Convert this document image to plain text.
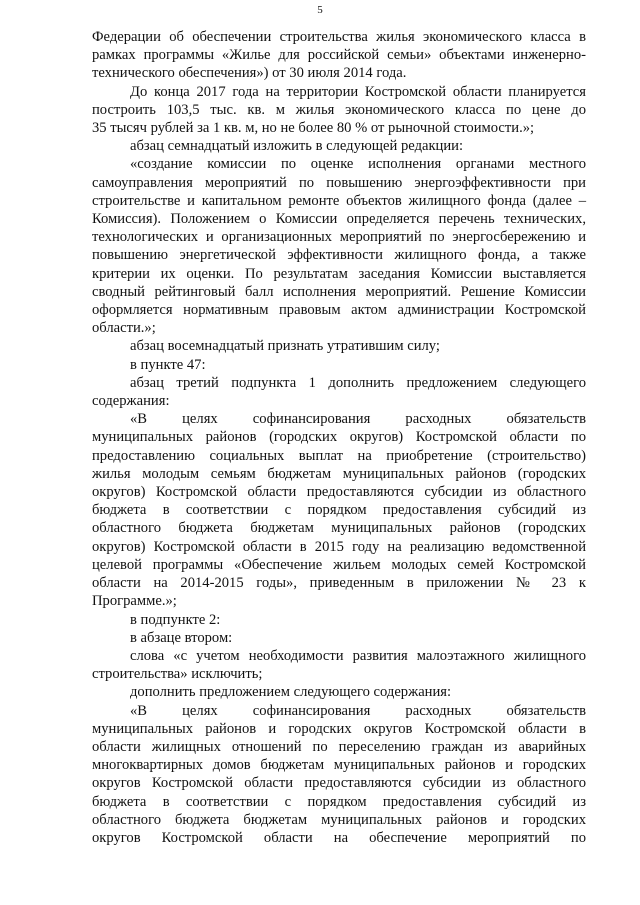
5
Федерации об обеспечении строительства жилья экономического класса в
рамках программы «Жилье для российской семьи» объектами инженерно-
технического обеспечения») от 30 июля 2014 года.
До конца 2017 года на территории Костромской области планируется
построить 103,5 тыс. кв. м жилья экономического класса по цене до
35 тысяч рублей за 1 кв. м, но не более 80 % от рыночной стоимости.»;
абзац семнадцатый изложить в следующей редакции:
«создание комиссии по оценке исполнения органами местного
самоуправления мероприятий по повышению энергоэффективности при
строительстве и капитальном ремонте объектов жилищного фонда (далее –
Комиссия). Положением о Комиссии определяется перечень технических,
технологических и организационных мероприятий по энергосбережению и
повышению энергетической эффективности жилищного фонда, а также
критерии их оценки. По результатам заседания Комиссии выставляется
сводный рейтинговый балл исполнения мероприятий. Решение Комиссии
оформляется нормативным правовым актом администрации Костромской
области.»;
абзац восемнадцатый признать утратившим силу;
в пункте 47:
абзац третий подпункта 1 дополнить предложением следующего
содержания:
«В целях софинансирования расходных обязательств
муниципальных районов (городских округов) Костромской области по
предоставлению социальных выплат на приобретение (строительство)
жилья молодым семьям бюджетам муниципальных районов (городских
округов) Костромской области предоставляются субсидии из областного
бюджета в соответствии с порядком предоставления субсидий из
областного бюджета бюджетам муниципальных районов (городских
округов) Костромской области в 2015 году на реализацию ведомственной
целевой программы «Обеспечение жильем молодых семей Костромской
области на 2014-2015 годы», приведенным в приложении № 23 к
Программе.»;
в подпункте 2:
в абзаце втором:
слова «с учетом необходимости развития малоэтажного жилищного
строительства» исключить;
дополнить предложением следующего содержания:
«В целях софинансирования расходных обязательств
муниципальных районов и городских округов Костромской области в
области жилищных отношений по переселению граждан из аварийных
многоквартирных домов бюджетам муниципальных районов и городских
округов Костромской области предоставляются субсидии из областного
бюджета в соответствии с порядком предоставления субсидий из
областного бюджета бюджетам муниципальных районов и городских
округов Костромской области на обеспечение мероприятий по
